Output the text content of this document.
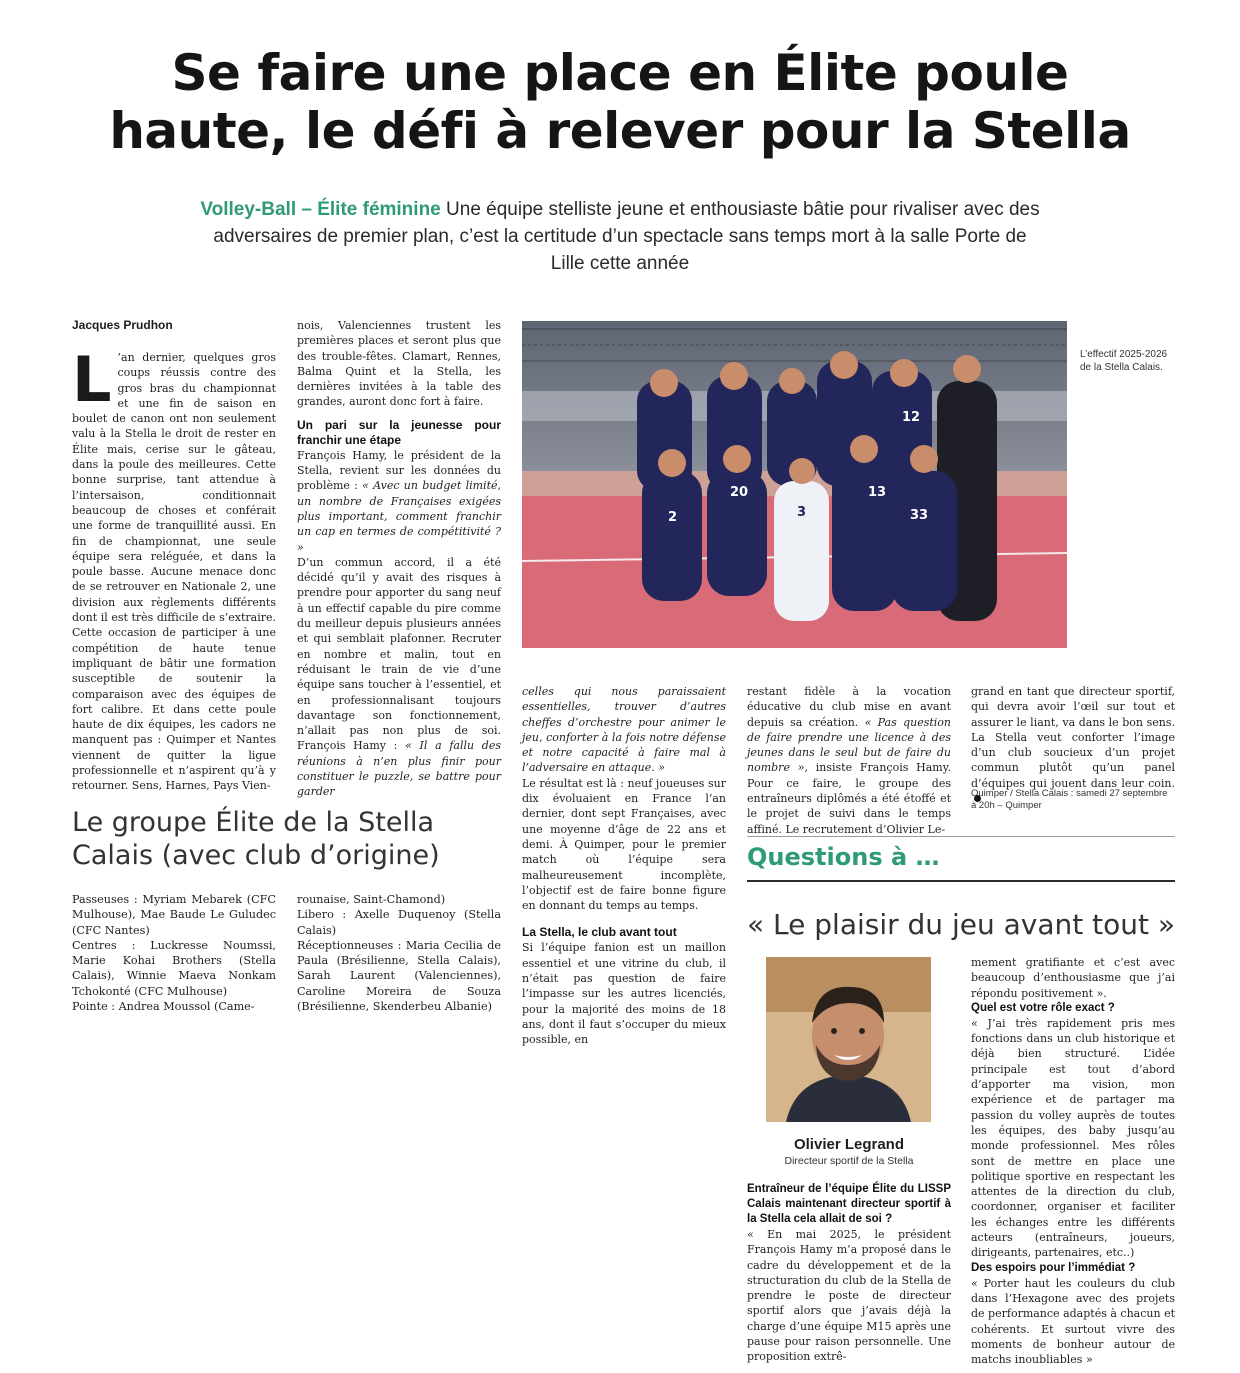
Se faire une place en Élite poule
haute, le défi à relever pour la Stella
Volley-Ball – Élite féminine Une équipe stelliste jeune et enthousiaste bâtie pour rivaliser avec des adversaires de premier plan, c’est la certitude d’un spectacle sans temps mort à la salle Porte de Lille cette année
Jacques Prudhon
L ’an dernier, quelques gros coups réussis contre des gros bras du championnat et une fin de saison en boulet de canon ont non seulement valu à la Stella le droit de rester en Élite mais, cerise sur le gâteau, dans la poule des meilleures. Cette bonne surprise, tant attendue à l’intersaison, conditionnait beaucoup de choses et conférait une forme de tranquillité aussi. En fin de championnat, une seule équipe sera reléguée, et dans la poule basse. Aucune menace donc de se retrouver en Nationale 2, une division aux règlements différents dont il est très difficile de s’extraire. Cette occasion de participer à une compétition de haute tenue impliquant de bâtir une formation susceptible de soutenir la comparaison avec des équipes de fort calibre. Et dans cette poule haute de dix équipes, les cadors ne manquent pas : Quimper et Nantes viennent de quitter la ligue professionnelle et n’aspirent qu’à y retourner. Sens, Harnes, Pays Vien-

nois, Valenciennes trustent les premières places et seront plus que des trouble-fêtes. Clamart, Rennes, Balma Quint et la Stella, les dernières invitées à la table des grandes, auront donc fort à faire.

Un pari sur la jeunesse pour franchir une étape

François Hamy, le président de la Stella, revient sur les données du problème : « Avec un budget limité, un nombre de Françaises exigées plus important, comment franchir un cap en termes de compétitivité ? »

D’un commun accord, il a été décidé qu’il y avait des risques à prendre pour apporter du sang neuf à un effectif capable du pire comme du meilleur depuis plusieurs années et qui semblait plafonner. Recruter en nombre et malin, tout en réduisant le train de vie d’une équipe sans toucher à l’essentiel, et en professionnalisant toujours davantage son fonctionnement, n’allait pas non plus de soi. François Hamy : « Il a fallu des réunions à n’en plus finir pour constituer le puzzle, se battre pour garder

12
2
20	13
33
3
L’effectif 2025-2026 de la Stella Calais.

celles qui nous paraissaient essentielles, trouver d’autres cheffes d’orchestre pour animer le jeu, conforter à la fois notre défense et notre capacité à faire mal à l’adversaire en attaque. »

Le résultat est là : neuf joueuses sur dix évoluaient en France l’an dernier, dont sept Françaises, avec une moyenne d’âge de 22 ans et demi. À Quimper, pour le premier match où l’équipe sera malheureusement incomplète, l’objectif est de faire bonne figure en donnant du temps au temps.

La Stella, le club avant tout

Si l’équipe fanion est un maillon essentiel et une vitrine du club, il n’était pas question de faire l’impasse sur les autres licenciés, pour la majorité des moins de 18 ans, dont il faut s’occuper du mieux possible, en

restant fidèle à la vocation éducative du club mise en avant depuis sa création. « Pas question de faire prendre une licence à des jeunes dans le seul but de faire du nombre », insiste François Hamy. Pour ce faire, le groupe des entraîneurs diplômés a été étoffé et le projet de suivi dans le temps affiné. Le recrutement d’Olivier Le-

grand en tant que directeur sportif, qui devra avoir l’œil sur tout et assurer le liant, va dans le bon sens. La Stella veut conforter l’image d’un club soucieux d’un projet commun plutôt qu’un panel d’équipes qui jouent dans leur coin.

Quimper / Stella Calais : samedi 27 septembre à 20h – Quimper
Le groupe Élite de la Stella
Calais (avec club d’origine)
Passeuses : Myriam Mebarek (CFC Mulhouse), Mae Baude Le Guludec (CFC Nantes)
Centres : Luckresse Noumssi, Marie Kohai Brothers (Stella Calais), Winnie Maeva Nonkam Tchokonté (CFC Mulhouse)
Pointe : Andrea Moussol (Came-
rounaise, Saint-Chamond)
Libero : Axelle Duquenoy (Stella Calais)
Réceptionneuses : Maria Cecilia de Paula (Brésilienne, Stella Calais), Sarah Laurent (Valenciennes), Caroline Moreira de Souza (Brésilienne, Skenderbeu Albanie)
Questions à …
« Le plaisir du jeu avant tout »
Olivier Legrand
Directeur sportif de la Stella

Entraîneur de l’équipe Élite du LISSP Calais maintenant directeur sportif à la Stella cela allait de soi ?

« En mai 2025, le président François Hamy m’a proposé dans le cadre du développement et de la structuration du club de la Stella de prendre le poste de directeur sportif alors que j’avais déjà la charge d’une équipe M15 après une pause pour raison personnelle. Une proposition extrê-

mement gratifiante et c’est avec beaucoup d’enthousiasme que j’ai répondu positivement ».

Quel est votre rôle exact ?

« J’ai très rapidement pris mes fonctions dans un club historique et déjà bien structuré. L’idée principale est tout d’abord d’apporter ma vision, mon expérience et de partager ma passion du volley auprès de toutes les équipes, des baby jusqu’au monde professionnel. Mes rôles sont de mettre en place une politique sportive en respectant les attentes de la direction du club, coordonner, organiser et faciliter les échanges entre les différents acteurs (entraîneurs, joueurs, dirigeants, partenaires, etc..)

Des espoirs pour l’immédiat ?

« Porter haut les couleurs du club dans l’Hexagone avec des projets de performance adaptés à chacun et cohérents. Et surtout vivre des moments de bonheur autour de matchs inoubliables »
